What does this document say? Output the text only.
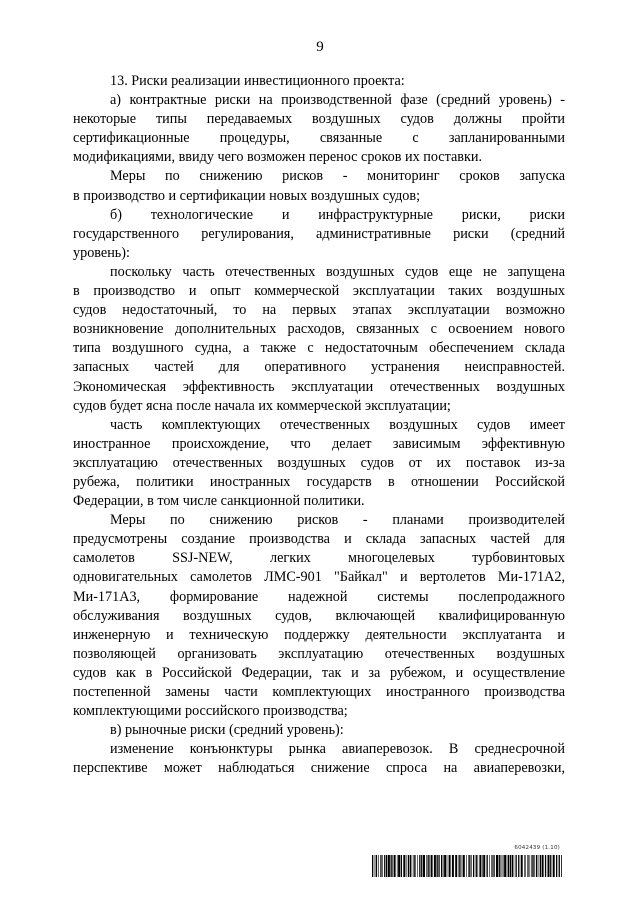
9

13. Риски реализации инвестиционного проекта:

а) контрактные риски на производственной фазе (средний уровень) -
некоторые типы передаваемых воздушных судов должны пройти
сертификационные процедуры, связанные с запланированными
модификациями, ввиду чего возможен перенос сроков их поставки.

Меры по снижению рисков - мониторинг сроков запуска
в производство и сертификации новых воздушных судов;

б) технологические и инфраструктурные риски, риски
государственного регулирования, административные риски (средний
уровень):

поскольку часть отечественных воздушных судов еще не запущена
в производство и опыт коммерческой эксплуатации таких воздушных
судов недостаточный, то на первых этапах эксплуатации возможно
возникновение дополнительных расходов, связанных с освоением нового
типа воздушного судна, а также с недостаточным обеспечением склада
запасных частей для оперативного устранения неисправностей.
Экономическая эффективность эксплуатации отечественных воздушных
судов будет ясна после начала их коммерческой эксплуатации;

часть комплектующих отечественных воздушных судов имеет
иностранное происхождение, что делает зависимым эффективную
эксплуатацию отечественных воздушных судов от их поставок из-за
рубежа, политики иностранных государств в отношении Российской
Федерации, в том числе санкционной политики.

Меры по снижению рисков - планами производителей
предусмотрены создание производства и склада запасных частей для
самолетов SSJ-NEW, легких многоцелевых турбовинтовых
одновигательных самолетов ЛМС-901 "Байкал" и вертолетов Ми-171А2,
Ми-171А3, формирование надежной системы послепродажного
обслуживания воздушных судов, включающей квалифицированную
инженерную и техническую поддержку деятельности эксплуатанта и
позволяющей организовать эксплуатацию отечественных воздушных
судов как в Российской Федерации, так и за рубежом, и осуществление
постепенной замены части комплектующих иностранного производства
комплектующими российского производства;

в) рыночные риски (средний уровень):

изменение конъюнктуры рынка авиаперевозок. В среднесрочной
перспективе может наблюдаться снижение спроса на авиаперевозки,

6042439 (1.10)
